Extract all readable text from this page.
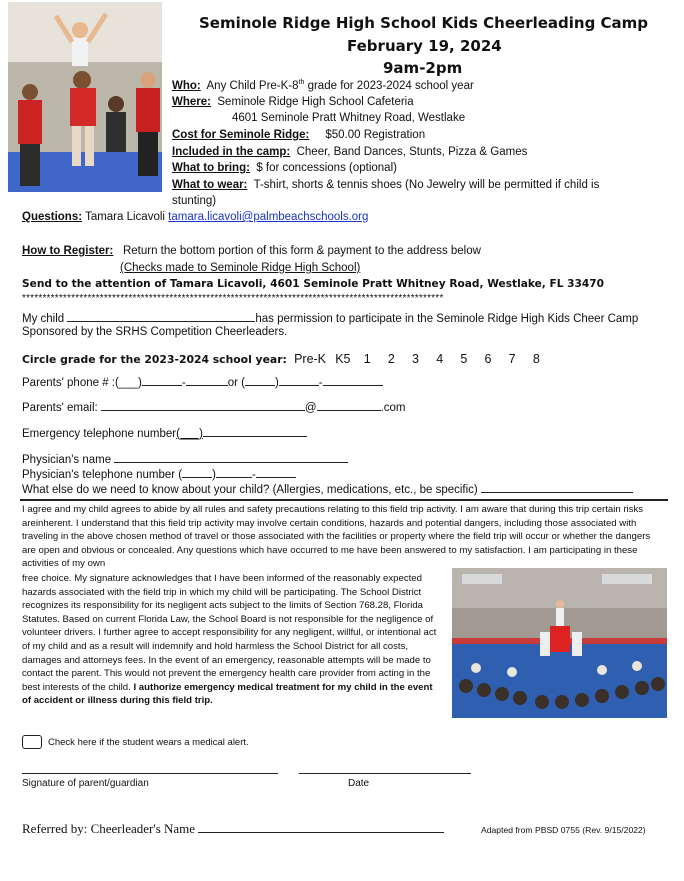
Seminole Ridge High School Kids Cheerleading Camp
February 19, 2024
9am-2pm
Who: Any Child Pre-K-8th grade for 2023-2024 school year
Where: Seminole Ridge High School Cafeteria
4601 Seminole Pratt Whitney Road, Westlake
Cost for Seminole Ridge: $50.00 Registration
Included in the camp: Cheer, Band Dances, Stunts, Pizza & Games
What to bring: $ for concessions (optional)
What to wear: T-shirt, shorts & tennis shoes (No Jewelry will be permitted if child is
stunting)
Questions: Tamara Licavoli tamara.licavoli@palmbeachschools.org
How to Register: Return the bottom portion of this form & payment to the address below
(Checks made to Seminole Ridge High School)
Send to the attention of Tamara Licavoli, 4601 Seminole Pratt Whitney Road, Westlake, FL 33470
*******************************************************************************************************
My child	has permission to participate in the Seminole Ridge High Kids Cheer Camp
Sponsored by the SRHS Competition Cheerleaders.
Circle grade for the 2023-2024 school year: Pre-K K5 1 2 3 4 5 6 7 8
Parents' phone # :(___)	-	or (	)	-
Parents' email:	@	.com
Emergency telephone number(___)
Physician's name
Physician's telephone number (	)	-
What else do we need to know about your child? (Allergies, medications, etc., be specific)
I agree and my child agrees to abide by all rules and safety precautions relating to this field trip activity. I am aware that during this trip certain risks areinherent. I understand that this field trip activity may involve certain conditions, hazards and potential dangers, including those associated with traveling in the above chosen method of travel or those associated with the facilities or property where the field trip will occur or whether the dangers are open and obvious or concealed. Any questions which have occurred to me have been answered to my satisfaction. I am participating in these activities of my own
free choice. My signature acknowledges that I have been informed of the reasonably expected hazards associated with the field trip in which my child will be participating. The School District recognizes its responsibility for its negligent acts subject to the limits of Section 768.28, Florida Statutes. Based on current Florida Law, the School Board is not responsible for the negligence of volunteer drivers. I further agree to accept responsibility for any negligent, willful, or intentional act of my child and as a result will indemnify and hold harmless the School District for all costs, damages and attorneys fees. In the event of an emergency, reasonable attempts will be made to contact the parent. This would not prevent the emergency health care provider from acting in the best interests of the child. I authorize emergency medical treatment for my child in the event of accident or illness during this field trip.
Check here if the student wears a medical alert.
Signature of parent/guardian	Date
Referred by: Cheerleader's Name	Adapted from PBSD 0755 (Rev. 9/15/2022)
